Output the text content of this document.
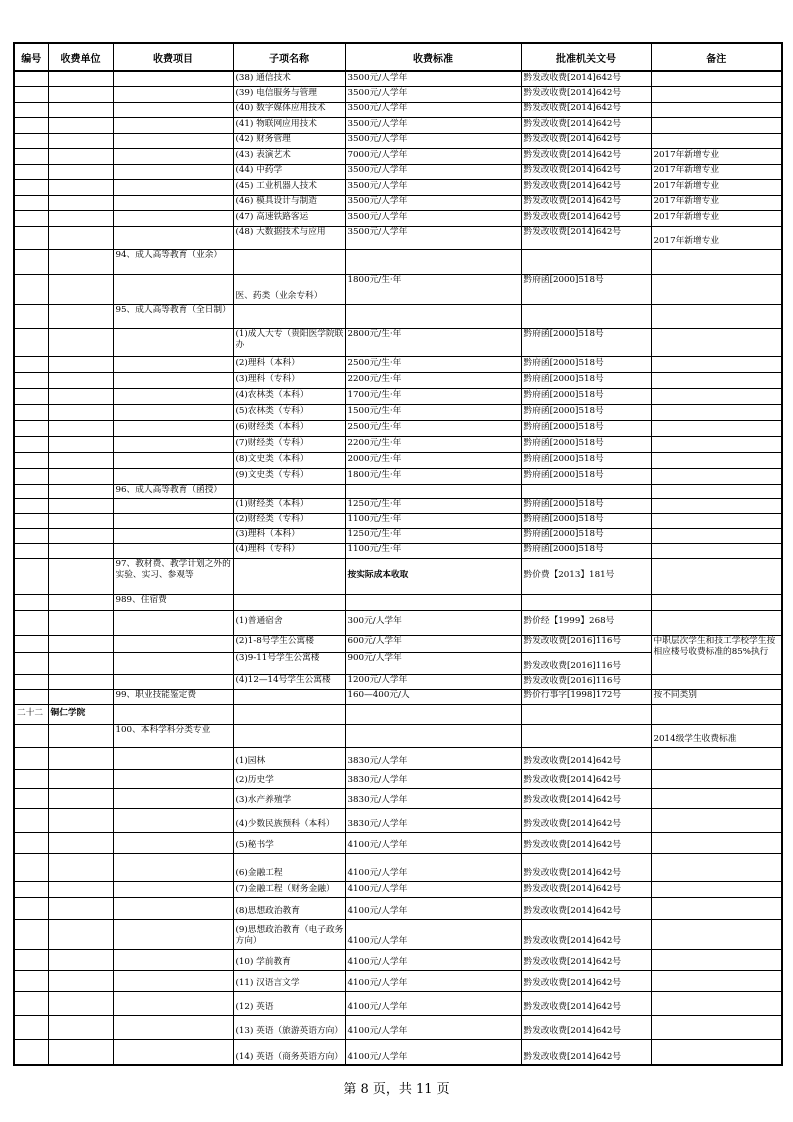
编号	收费单位	收费项目	子项名称	收费标准	批准机关文号	备注
			(38) 通信技术	3500元/人学年	黔发改收费[2014]642号	
			(39) 电信服务与管理	3500元/人学年	黔发改收费[2014]642号	
			(40) 数字媒体应用技术	3500元/人学年	黔发改收费[2014]642号	
			(41) 物联网应用技术	3500元/人学年	黔发改收费[2014]642号	
			(42) 财务管理	3500元/人学年	黔发改收费[2014]642号	
			(43) 表演艺术	7000元/人学年	黔发改收费[2014]642号	2017年新增专业
			(44) 中药学	3500元/人学年	黔发改收费[2014]642号	2017年新增专业
			(45) 工业机器人技术	3500元/人学年	黔发改收费[2014]642号	2017年新增专业
			(46) 模具设计与制造	3500元/人学年	黔发改收费[2014]642号	2017年新增专业
			(47) 高速铁路客运	3500元/人学年	黔发改收费[2014]642号	2017年新增专业
			(48) 大数据技术与应用	3500元/人学年	黔发改收费[2014]642号	2017年新增专业
		94、成人高等教育（业余）				
			医、药类（业余专科）	1800元/生·年	黔府函[2000]518号	
		95、成人高等教育（全日制）				
			(1)成人大专（贵阳医学院联办	2800元/生·年	黔府函[2000]518号	
			(2)理科（本科）	2500元/生·年	黔府函[2000]518号	
			(3)理科（专科）	2200元/生·年	黔府函[2000]518号	
			(4)农林类（本科）	1700元/生·年	黔府函[2000]518号	
			(5)农林类（专科）	1500元/生·年	黔府函[2000]518号	
			(6)财经类（本科）	2500元/生·年	黔府函[2000]518号	
			(7)财经类（专科）	2200元/生·年	黔府函[2000]518号	
			(8)文史类（本科）	2000元/生·年	黔府函[2000]518号	
			(9)文史类（专科）	1800元/生·年	黔府函[2000]518号	
		96、成人高等教育（函授）				
			(1)财经类（本科）	1250元/生·年	黔府函[2000]518号	
			(2)财经类（专科）	1100元/生·年	黔府函[2000]518号	
			(3)理科（本科）	1250元/生·年	黔府函[2000]518号	
			(4)理科（专科）	1100元/生·年	黔府函[2000]518号	
		97、教材费、教学计划之外的实验、实习、参观等		按实际成本收取	黔价费【2013】181号	
		989、住宿费				
			(1)普通宿舍	300元/人学年	黔价经【1999】268号	
			(2)1-8号学生公寓楼	600元/人学年	黔发改收费[2016]116号	中职层次学生和技工学校学生按相应楼号收费标准的85%执行
			(3)9-11号学生公寓楼	900元/人学年	黔发改收费[2016]116号	
			(4)12—14号学生公寓楼	1200元/人学年	黔发改收费[2016]116号	
		99、职业技能鉴定费		160—400元/人	黔价行事字[1998]172号	按不同类别
二十二	铜仁学院					
		100、本科学科分类专业				2014级学生收费标准
			(1)园林	3830元/人学年	黔发改收费[2014]642号	
			(2)历史学	3830元/人学年	黔发改收费[2014]642号	
			(3)水产养殖学	3830元/人学年	黔发改收费[2014]642号	
			(4)少数民族预科（本科）	3830元/人学年	黔发改收费[2014]642号	
			(5)秘书学	4100元/人学年	黔发改收费[2014]642号	
			(6)金融工程	4100元/人学年	黔发改收费[2014]642号	
			(7)金融工程（财务金融）	4100元/人学年	黔发改收费[2014]642号	
			(8)思想政治教育	4100元/人学年	黔发改收费[2014]642号	
			(9)思想政治教育（电子政务方向）	4100元/人学年	黔发改收费[2014]642号	
			(10) 学前教育	4100元/人学年	黔发改收费[2014]642号	
			(11) 汉语言文学	4100元/人学年	黔发改收费[2014]642号	
			(12) 英语	4100元/人学年	黔发改收费[2014]642号	
			(13) 英语（旅游英语方向）	4100元/人学年	黔发改收费[2014]642号	
			(14) 英语（商务英语方向）	4100元/人学年	黔发改收费[2014]642号	
第 8 页，共 11 页
